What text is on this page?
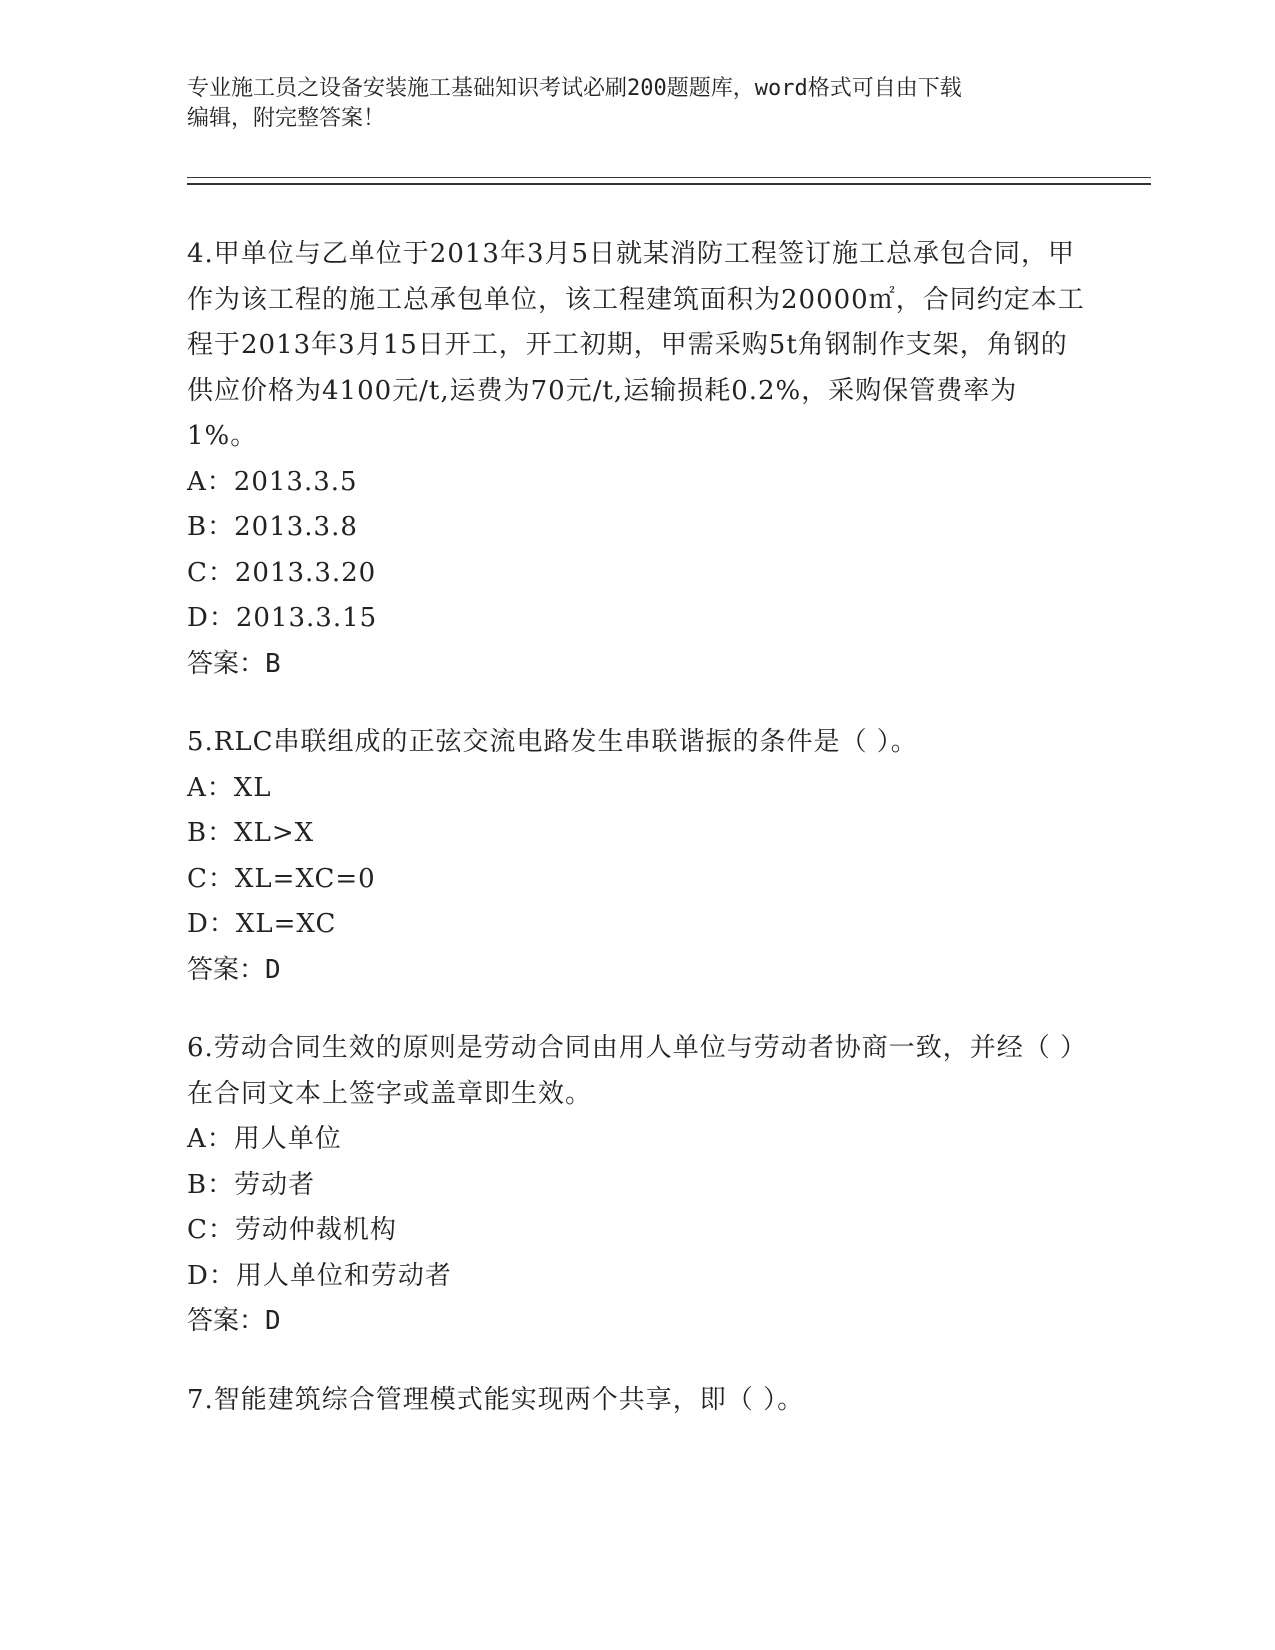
专业施工员之设备安装施工基础知识考试必刷200题题库，word格式可自由下载
编辑，附完整答案！

4.甲单位与乙单位于2013年3月5日就某消防工程签订施工总承包合同，甲作为该工程的施工总承包单位，该工程建筑面积为20000㎡，合同约定本工程于2013年3月15日开工，开工初期，甲需采购5t角钢制作支架，角钢的供应价格为4100元/t,运费为70元/t,运输损耗0.2%，采购保管费率为1%。

A：2013.3.5

B：2013.3.8

C：2013.3.20

D：2013.3.15

答案：B

5.RLC串联组成的正弦交流电路发生串联谐振的条件是（ ）。

A：XL

B：XL>X

C：XL=XC=0

D：XL=XC

答案：D

6.劳动合同生效的原则是劳动合同由用人单位与劳动者协商一致，并经（ ）在合同文本上签字或盖章即生效。

A：用人单位

B：劳动者

C：劳动仲裁机构

D：用人单位和劳动者

答案：D

7.智能建筑综合管理模式能实现两个共享，即（ ）。
